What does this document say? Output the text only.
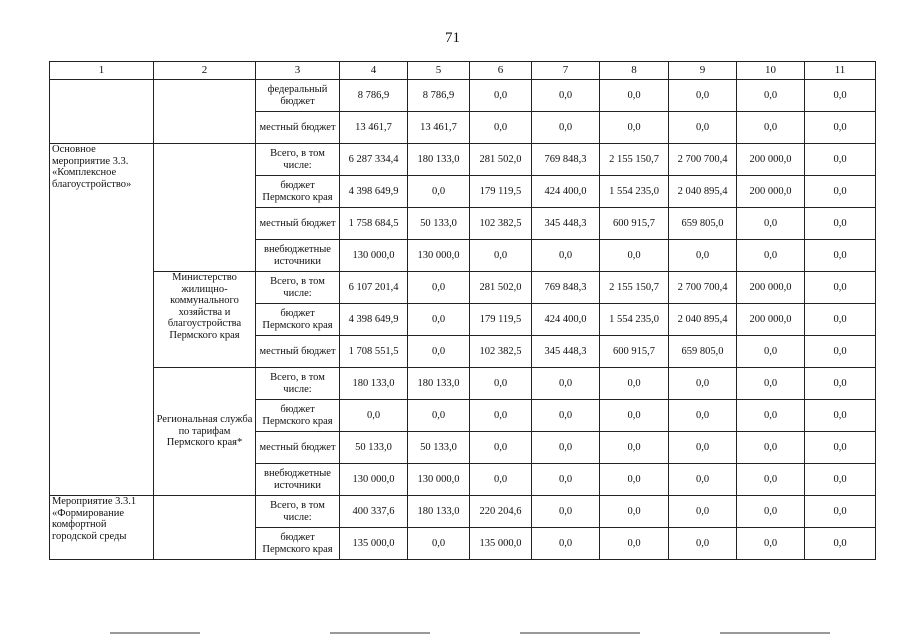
71
1	2	3	4	5	6	7	8	9	10	11
		федеральный бюджет	8 786,9	8 786,9	0,0	0,0	0,0	0,0	0,0	0,0
		местный бюджет	13 461,7	13 461,7	0,0	0,0	0,0	0,0	0,0	0,0
Основное мероприятие 3.3. «Комплексное благоустройство»		Всего, в том числе:	6 287 334,4	180 133,0	281 502,0	769 848,3	2 155 150,7	2 700 700,4	200 000,0	0,0
		бюджет Пермского края	4 398 649,9	0,0	179 119,5	424 400,0	1 554 235,0	2 040 895,4	200 000,0	0,0
		местный бюджет	1 758 684,5	50 133,0	102 382,5	345 448,3	600 915,7	659 805,0	0,0	0,0
		внебюджетные источники	130 000,0	130 000,0	0,0	0,0	0,0	0,0	0,0	0,0
	Министерство жилищно-коммунального хозяйства и благоустройства Пермского края	Всего, в том числе:	6 107 201,4	0,0	281 502,0	769 848,3	2 155 150,7	2 700 700,4	200 000,0	0,0
		бюджет Пермского края	4 398 649,9	0,0	179 119,5	424 400,0	1 554 235,0	2 040 895,4	200 000,0	0,0
		местный бюджет	1 708 551,5	0,0	102 382,5	345 448,3	600 915,7	659 805,0	0,0	0,0
	Региональная служба по тарифам Пермского края*	Всего, в том числе:	180 133,0	180 133,0	0,0	0,0	0,0	0,0	0,0	0,0
		бюджет Пермского края	0,0	0,0	0,0	0,0	0,0	0,0	0,0	0,0
		местный бюджет	50 133,0	50 133,0	0,0	0,0	0,0	0,0	0,0	0,0
		внебюджетные источники	130 000,0	130 000,0	0,0	0,0	0,0	0,0	0,0	0,0
Мероприятие 3.3.1 «Формирование комфортной городской среды		Всего, в том числе:	400 337,6	180 133,0	220 204,6	0,0	0,0	0,0	0,0	0,0
		бюджет Пермского края	135 000,0	0,0	135 000,0	0,0	0,0	0,0	0,0	0,0
